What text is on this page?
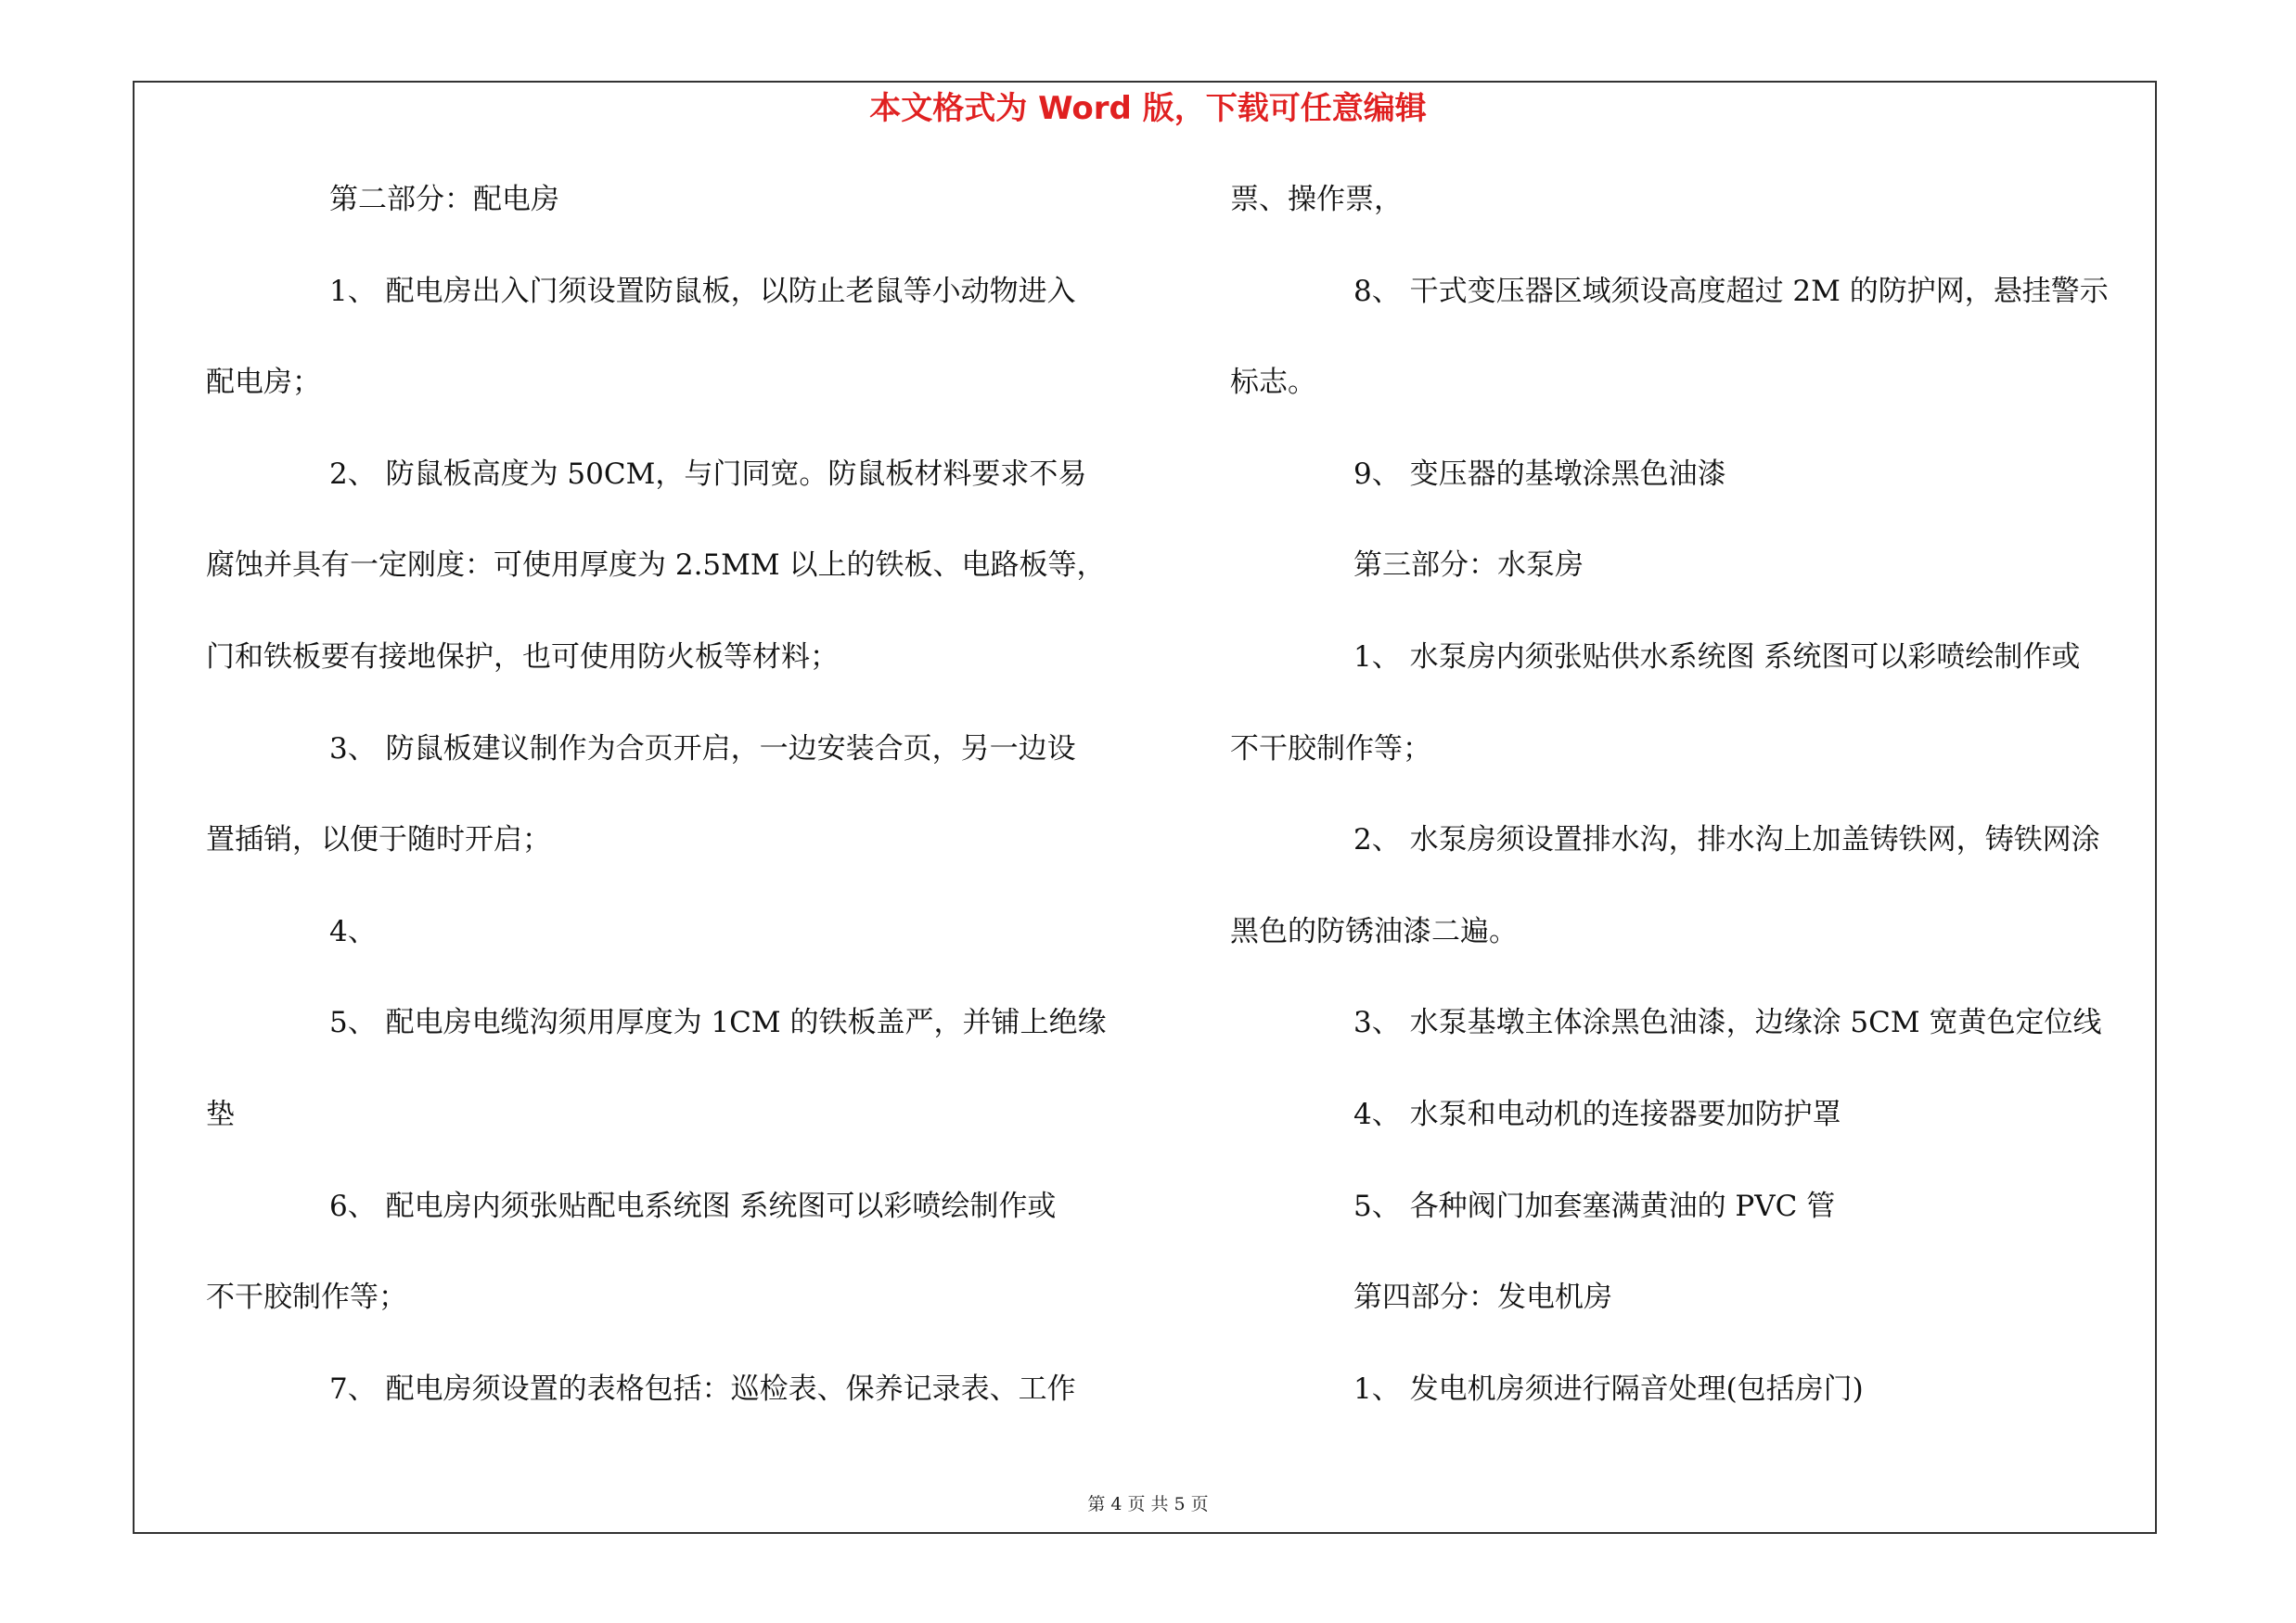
本文格式为 Word 版，下载可任意编辑
第二部分：配电房
1、 配电房出入门须设置防鼠板，以防止老鼠等小动物进入
配电房；
2、 防鼠板高度为 50CM，与门同宽。防鼠板材料要求不易
腐蚀并具有一定刚度：可使用厚度为 2.5MM 以上的铁板、电路板等，
门和铁板要有接地保护，也可使用防火板等材料；
3、 防鼠板建议制作为合页开启，一边安装合页，另一边设
置插销，以便于随时开启；
4、
5、 配电房电缆沟须用厚度为 1CM 的铁板盖严，并铺上绝缘
垫
6、 配电房内须张贴配电系统图 系统图可以彩喷绘制作或
不干胶制作等；
7、 配电房须设置的表格包括：巡检表、保养记录表、工作
票、操作票，
8、 干式变压器区域须设高度超过 2M 的防护网，悬挂警示
标志。
9、 变压器的基墩涂黑色油漆
第三部分：水泵房
1、 水泵房内须张贴供水系统图 系统图可以彩喷绘制作或
不干胶制作等；
2、 水泵房须设置排水沟，排水沟上加盖铸铁网，铸铁网涂
黑色的防锈油漆二遍。
3、 水泵基墩主体涂黑色油漆，边缘涂 5CM 宽黄色定位线
4、 水泵和电动机的连接器要加防护罩
5、 各种阀门加套塞满黄油的 PVC 管
第四部分：发电机房
1、 发电机房须进行隔音处理(包括房门)
第 4 页 共 5 页
